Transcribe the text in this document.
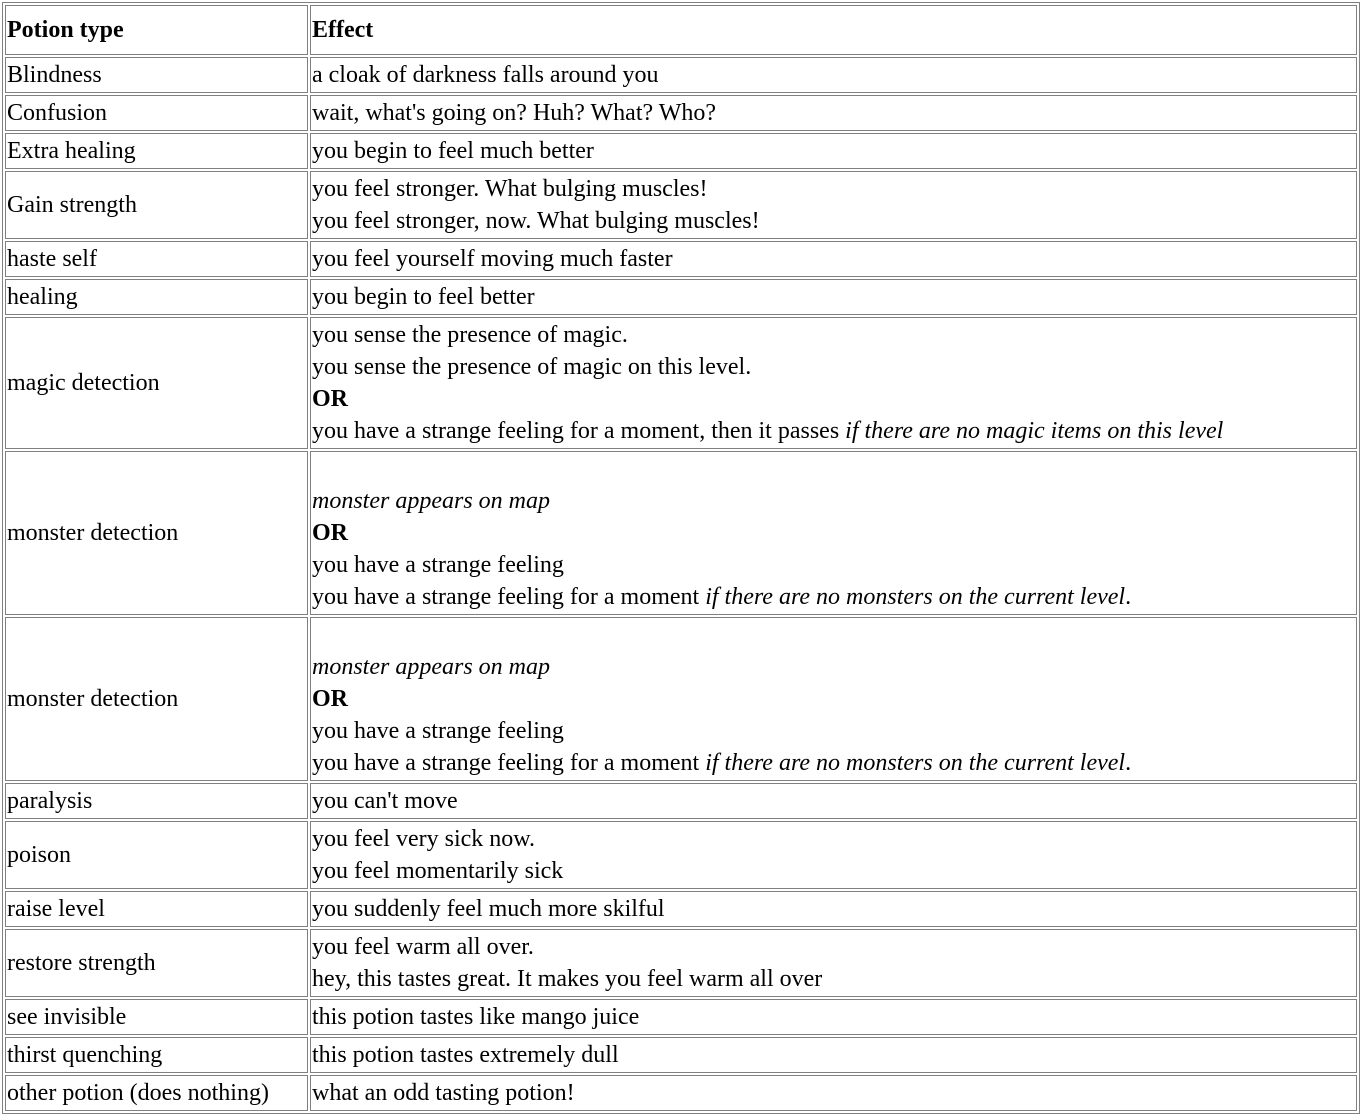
Potion type	Effect
Blindness	a cloak of darkness falls around you

Confusion	wait, what's going on? Huh? What? Who?

Extra healing	you begin to feel much better

Gain strength	you feel stronger. What bulging muscles!
you feel stronger, now. What bulging muscles!

haste self	you feel yourself moving much faster

healing	you begin to feel better

magic detection	you sense the presence of magic.
you sense the presence of magic on this level.
OR
you have a strange feeling for a moment, then it passes if there are no magic items on this level

monster detection	monster appears on map
OR
you have a strange feeling
you have a strange feeling for a moment if there are no monsters on the current level.

monster detection	monster appears on map
OR
you have a strange feeling
you have a strange feeling for a moment if there are no monsters on the current level.

paralysis	you can't move

poison	you feel very sick now.
you feel momentarily sick

raise level	you suddenly feel much more skilful

restore strength	you feel warm all over.
hey, this tastes great. It makes you feel warm all over

see invisible	this potion tastes like mango juice

thirst quenching	this potion tastes extremely dull

other potion (does nothing)	what an odd tasting potion!
